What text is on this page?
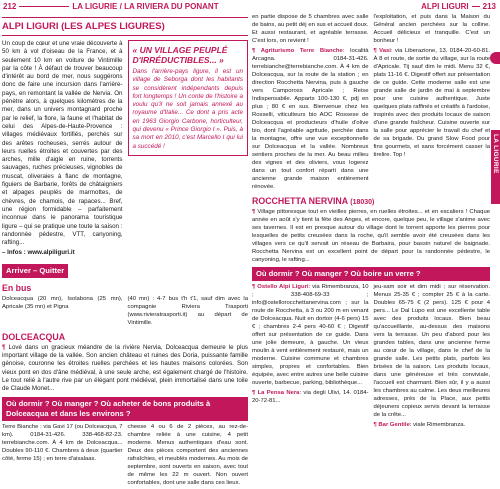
212	LA LIGURIE / LA RIVIERA DU PONANT	ALPI LIGURI 213
ALPI LIGURI (LES ALPES LIGURES)

Un coup de cœur et une vraie découverte à 50 km à vol d'oiseau de la France, et à seulement 10 km en voiture de Vintimille par la côte ! À défaut de trouver beaucoup d'intérêt au bord de mer, nous suggérons donc de faire une incursion dans l'arrière-pays, en remontant la vallée de Nervia. On pénètre alors, à quelques kilomètres de la mer, dans un univers montagnard proche par le relief, la flore, la faune et l'habitat de celui des Alpes-de-Haute-Provence : villages médiévaux fortifiés, perchés sur des arêtes rocheuses, serrés autour de leurs ruelles étroites et couvertes par des arches, mille d'aigle en ruine, torrents sauvages, ruches précieuses, vignobles de muscat, oliveraies à flanc de montagne, figuiers de Barbarie, forêts de châtaigniers et alpages peuplés de marmottes, de chèvres, de chamois, de rapaces... Bref, une région formidable – parfaitement inconnue dans le panorama touristique ligure – qui se pratique une toute la saison : randonnée pédestre, VTT, canyoning, rafting...

– Infos : www.alpiliguri.it

« UN VILLAGE PEUPLÉ D'IRRÉDUCTIBLES... »

Dans l'arrière-pays ligure, il est un village de Seborga dont les habitants se considèrent indépendants depuis fort longtemps ! Un conte de l'histoire a voulu qu'il ne soit jamais annexé au royaume d'Italie... Ce dont a pris acte en 1963 Giorgio Carbone, horticulteur, qui devenu « Prince Giorgio I ». Puis, à sa mort en 2010, c'est Marcello I qui lui a succédé !

Arriver – Quitter
En bus

Dolceacqua (20 mn), Isolabona (25 mn), Apricale (35 mn) et Pigna

(40 mn) : 4-7 bus t'h t'1, sauf dim avec la compagnie Riviera Trasporti (www.rivieratrasporti.it) au départ de Vintimille.

DOLCEACQUA

¶ Lové dans un gracieux méandre de la rivière Nervia, Dolceacqua demeure le plus important village de la vallée. Son ancien château et ruines des Doria, puissante famille génoise, couronne les étroites ruelles perchées et les hautes maisons colorées. Son vieux pont en dos d'âne médiéval, à une seule arche, est également chargé de l'histoire. Le tout relié à l'autre rive par un élégant pont médiéval, plein immortalisé dans une toile de Claude Monet...

Où dormir ? Où manger ? Où acheter de bons produits à Dolceacqua et dans les environs ?

Terre Bianche : via Gavi 17 (ou Dolceacqua, 7 km). 0184-31-426. 338-468-82-23. terrebianche.com. À 4 km de Dolceacqua... Doubles 90-110 €. Chambres à deux (quartier côté, ferme 15) ; en terre d'aixalaas.

cheese 4 ou 6 de 2 pièces, au rez-de-chambre reliée à une cuisine, 4 petit moderne. Menus authentiques d'eau sont. Deux des pièces comportent des anciennes rafraîchies, et meublés modernes. Au mois de septembre, sont ouverts en saison, avec tout de même les 22 m ouvert. Non ouvert confortables, dont une salle dans ces lieux.

en partie dispose de 5 chambres avec salle de bains, au petit déj en sus et accueil doux. Et aussi restaurant, et agréable terrasse. C'est lors, on revient !

¶ Agriturismo Terre Bianche: località Arcagna. 0184-31-426. terrebianche@terrebianche.com. À 4 km de Dolceacqua, sur la route de la station ; en direction Rocchetta Nervina, puis à gauche vers Campoross Apricale ; Reise Indispensabile. Apparts 100-130 €, pdj en plus ; 80 € en sus. Bienvenue chez les Rosselli, viticulteurs bio AOC Rossese de Dolceacqua et producteurs d'huile d'olive bio, dont l'agréable agritude, perchée dans la montagne, offre une vue exceptionnelle sur Dolceacqua et la vallée. Nombreux sentiers proches de la mer. Au beau milieu des vignes et des oliviers, vous logerez dans un tout confort réparti dans une ancienne grande maison entièrement rénovée.

l'exploitation, et puis dans la Maison du Général ancien perchées sur la colline. Accueil délicieux et tranquille. C'est un bonheur !

¶ Vasi: via Liberazione, 13. 0184-20-60-81. À 8 et route, de sortie du village, sur la route d'Apricale. Tij sauf dim le midi. Menu 32 €, plats 11-16 €. Digestif offert sur présentation de ce guide. Cette moderne salle est une grande salle de jardin de mai à septembre pour une cuisine authentique. Juste quelques plats raffinés et créatifs à l'ardoise, inspirés avec des produits locaux de saison d'une grande fraîcheur. Cuisine ouverte sur la salle pour apprécier le travail du chef et de sa brigade. Du grand Slow Food pour fins gourmets, et sans forcément casser la tirelire. Top !

ROCCHETTA NERVINA (18030)

¶ Village pittoresque tout en vieilles pierres, en ruelles étroites... et en escaliers ! Chaque année en août s'y tient la fête des Anges, et encore, quelque peu, le village s'anime avec ses tavernes. Il est en presque autour du village dont le torrent apporte les pierres pour lesquelles de petits creusées dans la roche, qu'il semble avoir été creusées dans les villages vers ce qu'il servait un réseau de Barbaira, pour bassin naturel de baignade. Rocchetta Nervina est un excellent point de départ pour la randonnée pédestre, le canyoning, le rafting...

Où dormir ? Où manger ? Où boire un verre ?

¶ Ostello Alpi Liguri: via Rimembranza, 10 ; 338-408-69-33 ; info@ostellorocchettanervina.com ; sur la route de Rocchetta, à 3 ou 200 m en venant de Dolceacqua. Nuit en dortoir (4-6 pers) 15 € ; chambres 2-4 pers 40-60 € ; Digestif offert sur présentation de ce guide. Dans une jolie demeure, à gauche. Un vieux moulin à vent entièrement restauré, mais un moderne. Cuisine commune et chambres simples, propres et confortables. Bien équipée, avec entre autres une belle cuisine ouverte, barbecue, parking, bibliothèque...

¶ La Pensa Nera: via degli Ulivi, 14. 0184-20-72-81...

jeu-sam soir et dim midi ; sur réservation. Menus 25-35 € ; compter 25 € à la carte. Doubles 65-75 € (2 pers). 125 € pour 4 pers... Le Dal Lupo est une excellente table avec des produits locaux. Bien beau qu'accueillante, au-dessus des maisons vers la terrasse. Un peu d'abord pour les grandes tables, dans une ancienne ferme au cœur de la village, dans le chef de la grande salle. Les petits plats, parfois les brisées de la saison. Les produits locaux, dans une généreuse et très conviviale, l'accueil est charmant. Bien sûr, il y a aussi les chambres au calme. Les deux meilleures adresses, près de la Place, aux petits déjeuners copieux servis devant la terrasse de la crête...

¶ Bar Gentile: viale Rimembranza.

LA LIGURIE
